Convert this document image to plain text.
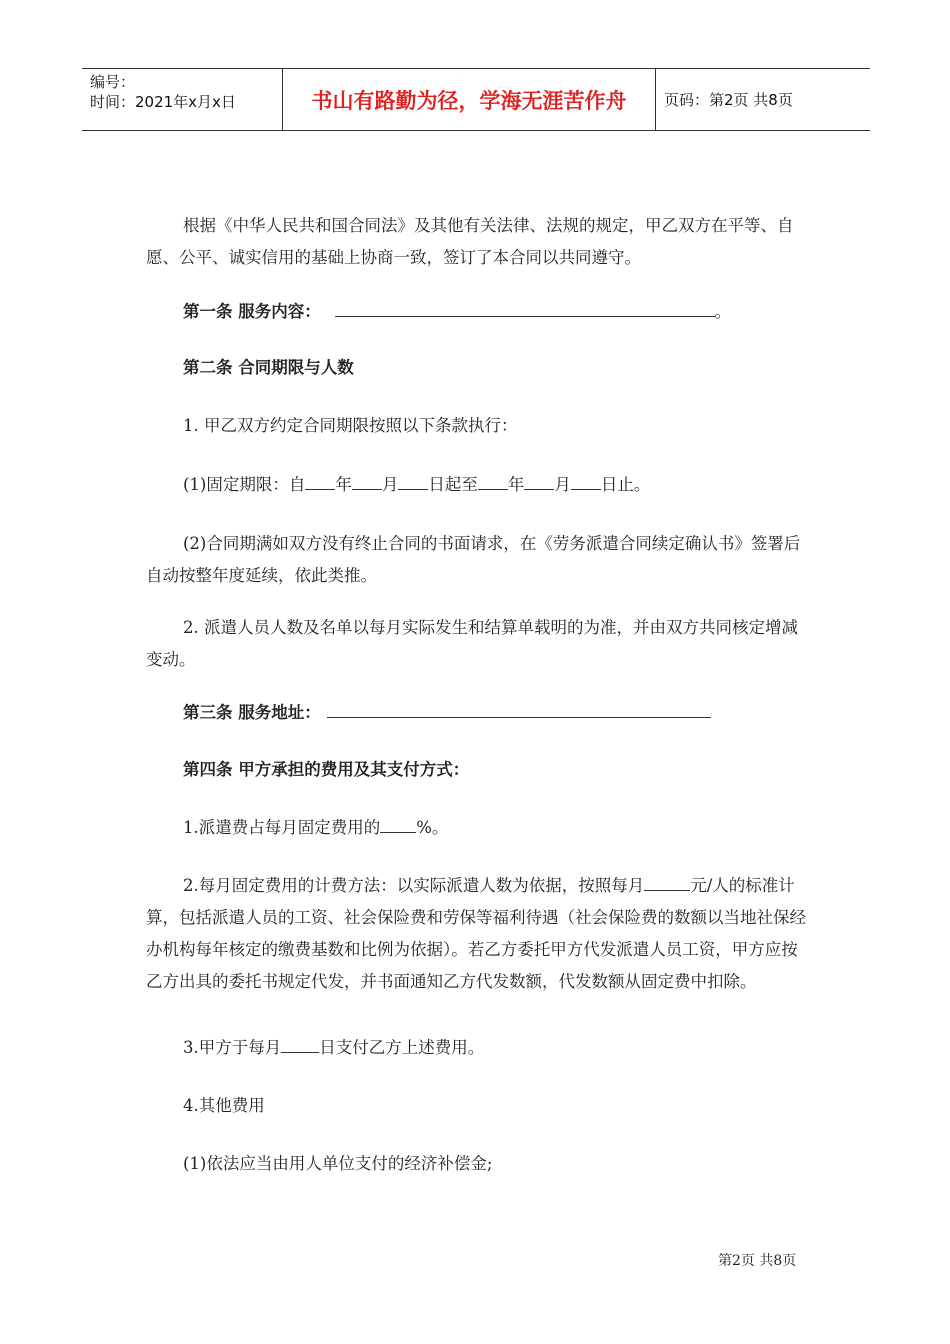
编号：
时间：2021年x月x日	书山有路勤为径，学海无涯苦作舟	页码：第2页 共8页

根据《中华人民共和国合同法》及其他有关法律、法规的规定，甲乙双方在平等、自愿、公平、诚实信用的基础上协商一致，签订了本合同以共同遵守。

第一条 服务内容：	。

第二条 合同期限与人数

1. 甲乙双方约定合同期限按照以下条款执行：

(1)固定期限：自 年 月 日起至 年 月 日止。

(2)合同期满如双方没有终止合同的书面请求，在《劳务派遣合同续定确认书》签署后自动按整年度延续，依此类推。

2. 派遣人员人数及名单以每月实际发生和结算单载明的为准，并由双方共同核定增减变动。

第三条 服务地址：

第四条 甲方承担的费用及其支付方式：

1.派遣费占每月固定费用的 %。

2.每月固定费用的计费方法：以实际派遣人数为依据，按照每月	元/人的标准计算，包括派遣人员的工资、社会保险费和劳保等福利待遇（社会保险费的数额以当地社保经办机构每年核定的缴费基数和比例为依据）。若乙方委托甲方代发派遣人员工资，甲方应按乙方出具的委托书规定代发，并书面通知乙方代发数额，代发数额从固定费中扣除。

3.甲方于每月 日支付乙方上述费用。

4.其他费用

(1)依法应当由用人单位支付的经济补偿金;

第2页 共8页
